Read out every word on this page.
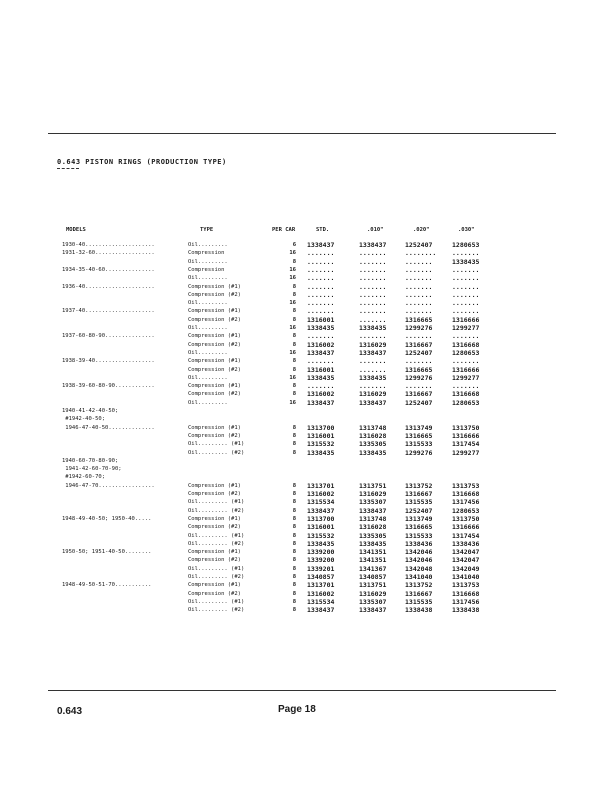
0.643 PISTON RINGS (PRODUCTION TYPE)
MODELS	TYPE	PER CAR	STD.	.010"	.020"	.030"
1930-40.....................	Oil.........	6 1338437	1338437	1252407	1280653
1931-32-60..................	Compression	16 .......	.......	........ .......
Oil.........	8 .......	.......	.......	1338435
1934-35-40-60...............	Compression	16 .......	.......	.......	.......
Oil.........	16 .......	.......	.......	.......
1936-40.....................	Compression (#1)	8 .......	.......	.......	.......
Compression (#2)	8 .......	.......	.......	.......
Oil.........	16 .......	.......	.......	.......
1937-40.....................	Compression (#1)	8 .......	.......	.......	.......
Compression (#2)	8 1316001	.......	1316665	1316666
Oil.........	16 1338435	1338435	1299276	1299277
1937-60-80-90...............	Compression (#1)	8 .......	.......	.......	.......
Compression (#2)	8 1316002	1316029	1316667	1316668
Oil.........	16 1338437	1338437	1252407	1280653
1938-39-40..................	Compression (#1)	8 .......	.......	.......	.......
Compression (#2)	8 1316001	.......	1316665	1316666
Oil.........	16 1338435	1338435	1299276	1299277
1938-39-60-80-90............	Compression (#1)	8 .......	.......	.......	.......
Compression (#2)	8 1316002	1316029	1316667	1316668
Oil.........	16 1338437	1338437	1252407	1280653
1940-41-42-40-50;
#1942-40-50;
1946-47-40-50..............	Compression (#1)	8 1313700	1313748	1313749	1313750
Compression (#2)	8 1316001	1316028	1316665	1316666
Oil......... (#1)	8 1315532	1335305	1315533	1317454
Oil......... (#2)	8 1338435	1338435	1299276	1299277
1940-60-70-80-90;
1941-42-60-70-90;
#1942-60-70;
1946-47-70.................	Compression (#1)	8 1313701	1313751	1313752	1313753
Compression (#2)	8 1316002	1316029	1316667	1316668
Oil......... (#1)	8 1315534	1335307	1315535	1317456
Oil......... (#2)	8 1338437	1338437	1252407	1280653
1948-49-40-50; 1950-40.....	Compression (#1)	8 1313700	1313748	1313749	1313750
Compression (#2)	8 1316001	1316028	1316665	1316666
Oil......... (#1)	8 1315532	1335305	1315533	1317454
Oil......... (#2)	8 1338435	1338435	1338436	1338436
1950-50; 1951-40-50........	Compression (#1)	8 1339200	1341351	1342046	1342047
Compression (#2)	8 1339200	1341351	1342046	1342047
Oil......... (#1)	8 1339201	1341367	1342048	1342049
Oil......... (#2)	8 1340857	1340857	1341040	1341040
1948-49-50-51-70...........	Compression (#1)	8 1313701	1313751	1313752	1313753
Compression (#2)	8 1316002	1316029	1316667	1316668
Oil......... (#1)	8 1315534	1335307	1315535	1317456
Oil......... (#2)	8 1338437	1338437	1338438	1338438
0.643	Page 18
